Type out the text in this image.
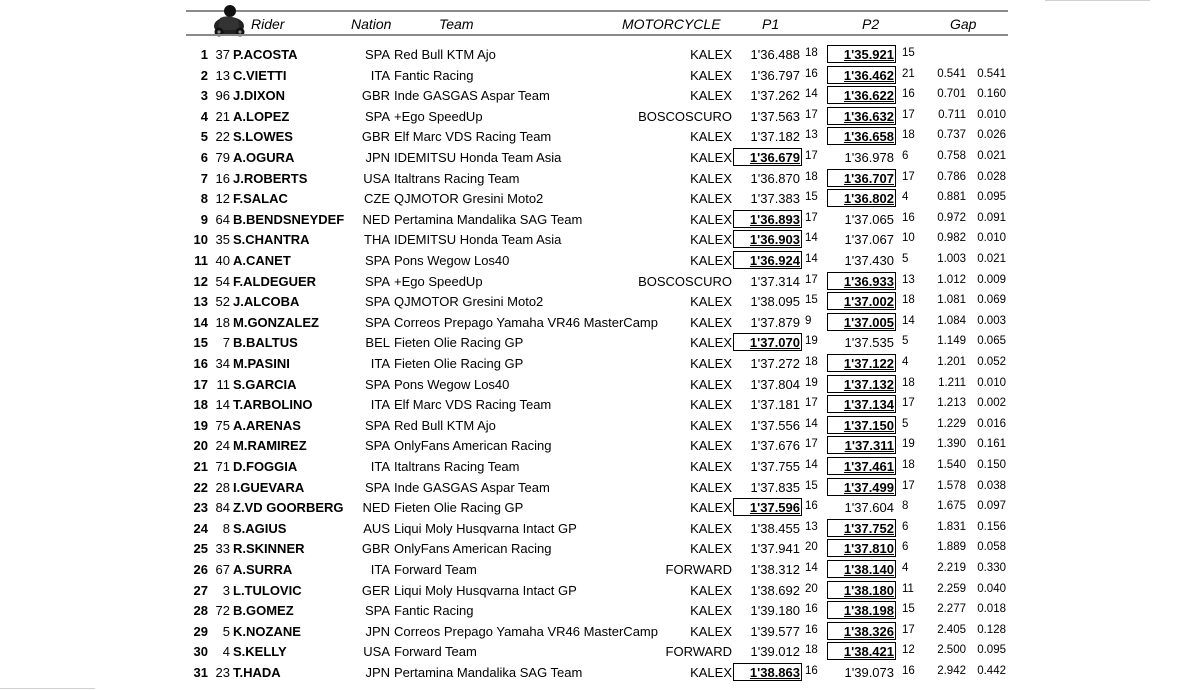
Rider	Nation	Team	MOTORCYCLE	P1	P2	Gap
1 37 P.ACOSTA	SPA Red Bull KTM Ajo	KALEX	1'36.488 18	1'35.921 15
2 13 C.VIETTI	ITA Fantic Racing	KALEX	1'36.797 16	1'36.462 21	0.541 0.541
3 96 J.DIXON	GBR Inde GASGAS Aspar Team	KALEX	1'37.262 14	1'36.622 16	0.701 0.160
4 21 A.LOPEZ	SPA +Ego SpeedUp	BOSCOSCURO	1'37.563 17	1'36.632 17	0.711 0.010
5 22 S.LOWES	GBR Elf Marc VDS Racing Team	KALEX	1'37.182 13	1'36.658 18	0.737 0.026
6 79 A.OGURA	JPN IDEMITSU Honda Team Asia	KALEX	1'36.679 17	1'36.978 6	0.758 0.021
7 16 J.ROBERTS	USA Italtrans Racing Team	KALEX	1'36.870 18	1'36.707 17	0.786 0.028
8 12 F.SALAC	CZE QJMOTOR Gresini Moto2	KALEX	1'37.383 15	1'36.802 4	0.881 0.095
9 64 B.BENDSNEYDEF	NED Pertamina Mandalika SAG Team	KALEX	1'36.893 17	1'37.065 16	0.972 0.091
10 35 S.CHANTRA	THA IDEMITSU Honda Team Asia	KALEX	1'36.903 14	1'37.067 10	0.982 0.010
11 40 A.CANET	SPA Pons Wegow Los40	KALEX	1'36.924 14	1'37.430 5	1.003 0.021
12 54 F.ALDEGUER	SPA +Ego SpeedUp	BOSCOSCURO	1'37.314 17	1'36.933 13	1.012 0.009
13 52 J.ALCOBA	SPA QJMOTOR Gresini Moto2	KALEX	1'38.095 15	1'37.002 18	1.081 0.069
14 18 M.GONZALEZ	SPA Correos Prepago Yamaha VR46 MasterCamp	KALEX	1'37.879 9	1'37.005 14	1.084 0.003
15	7 B.BALTUS	BEL Fieten Olie Racing GP	KALEX	1'37.070 19	1'37.535 5	1.149 0.065
16 34 M.PASINI	ITA Fieten Olie Racing GP	KALEX	1'37.272 18	1'37.122 4	1.201 0.052
17 11 S.GARCIA	SPA Pons Wegow Los40	KALEX	1'37.804 19	1'37.132 18	1.211 0.010
18 14 T.ARBOLINO	ITA Elf Marc VDS Racing Team	KALEX	1'37.181 17	1'37.134 17	1.213 0.002
19 75 A.ARENAS	SPA Red Bull KTM Ajo	KALEX	1'37.556 14	1'37.150 5	1.229 0.016
20 24 M.RAMIREZ	SPA OnlyFans American Racing	KALEX	1'37.676 17	1'37.311 19	1.390 0.161
21 71 D.FOGGIA	ITA Italtrans Racing Team	KALEX	1'37.755 14	1'37.461 18	1.540 0.150
22 28 I.GUEVARA	SPA Inde GASGAS Aspar Team	KALEX	1'37.835 15	1'37.499 17	1.578 0.038
23 84 Z.VD GOORBERG	NED Fieten Olie Racing GP	KALEX	1'37.596 16	1'37.604 8	1.675 0.097
24	8 S.AGIUS	AUS Liqui Moly Husqvarna Intact GP	KALEX	1'38.455 13	1'37.752 6	1.831 0.156
25 33 R.SKINNER	GBR OnlyFans American Racing	KALEX	1'37.941 20	1'37.810 6	1.889 0.058
26 67 A.SURRA	ITA Forward Team	FORWARD	1'38.312 14	1'38.140 4	2.219 0.330
27	3 L.TULOVIC	GER Liqui Moly Husqvarna Intact GP	KALEX	1'38.692 20	1'38.180 11	2.259 0.040
28 72 B.GOMEZ	SPA Fantic Racing	KALEX	1'39.180 16	1'38.198 15	2.277 0.018
29	5 K.NOZANE	JPN Correos Prepago Yamaha VR46 MasterCamp	KALEX	1'39.577 16	1'38.326 17	2.405 0.128
30	4 S.KELLY	USA Forward Team	FORWARD	1'39.012 18	1'38.421 12	2.500 0.095
31 23 T.HADA	JPN Pertamina Mandalika SAG Team	KALEX	1'38.863 16	1'39.073 16	2.942 0.442
